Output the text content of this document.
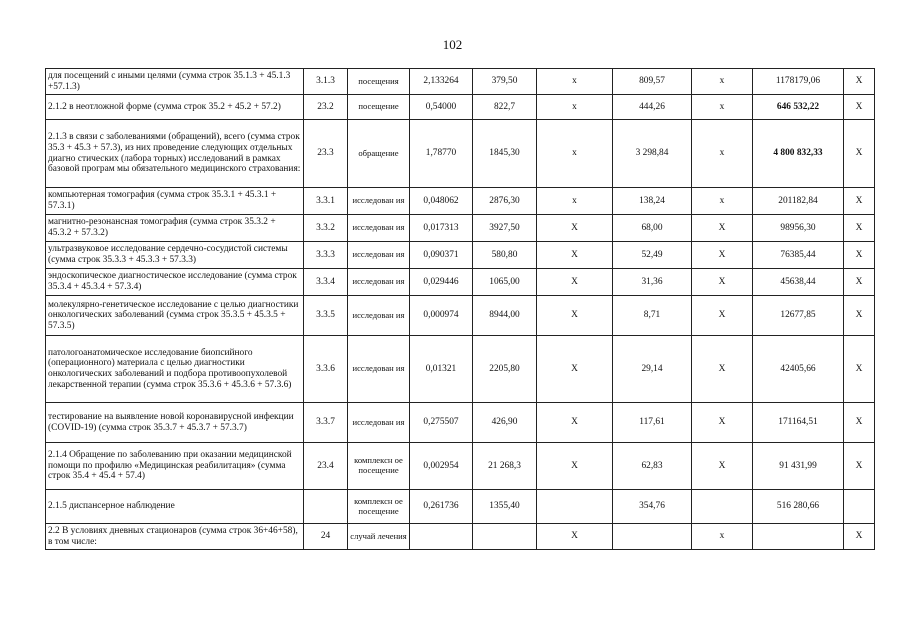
102
для посещений с иными целями (сумма строк 35.1.3 + 45.1.3 +57.1.3)	3.1.3	посещения	2,133264	379,50	х	809,57	х	1178179,06	Х
2.1.2 в неотложной форме (сумма строк 35.2 + 45.2 + 57.2)	23.2	посещение	0,54000	822,7	х	444,26	х	646 532,22	Х
2.1.3 в связи с заболеваниями (обращений), всего (сумма строк 35.3 + 45.3 + 57.3), из них проведение следующих отдельных диагно стических (лабора торных) исследований в рамках базовой програм мы обязательного медицинского страхования:	23.3	обращение	1,78770	1845,30	х	3 298,84	х	4 800 832,33	Х
компьютерная томография (сумма строк 35.3.1 + 45.3.1 + 57.3.1)	3.3.1	исследован ия	0,048062	2876,30	х	138,24	х	201182,84	Х
магнитно-резонансная томография (сумма строк 35.3.2 + 45.3.2 + 57.3.2)	3.3.2	исследован ия	0,017313	3927,50	Х	68,00	Х	98956,30	Х
ультразвуковое исследование сердечно-сосудистой системы (сумма строк 35.3.3 + 45.3.3 + 57.3.3)	3.3.3	исследован ия	0,090371	580,80	Х	52,49	Х	76385,44	Х
эндоскопическое диагностическое исследование (сумма строк 35.3.4 + 45.3.4 + 57.3.4)	3.3.4	исследован ия	0,029446	1065,00	Х	31,36	Х	45638,44	Х
молекулярно-генетическое исследование с целью диагностики онкологических заболеваний (сумма строк 35.3.5 + 45.3.5 + 57.3.5)	3.3.5	исследован ия	0,000974	8944,00	Х	8,71	Х	12677,85	Х
патологоанатомическое исследование биопсийного (операционного) материала с целью диагностики онкологических заболеваний и подбора противоопухолевой лекарственной терапии (сумма строк 35.3.6 + 45.3.6 + 57.3.6)	3.3.6	исследован ия	0,01321	2205,80	Х	29,14	Х	42405,66	Х
тестирование на выявление новой коронавирусной инфекции (COVID-19) (сумма строк 35.3.7 + 45.3.7 + 57.3.7)	3.3.7	исследован ия	0,275507	426,90	Х	117,61	Х	171164,51	Х
2.1.4 Обращение по заболеванию при оказании медицинской помощи по профилю «Медицинская реабилитация» (сумма строк 35.4 + 45.4 + 57.4)	23.4	комплексн ое посещение	0,002954	21 268,3	Х	62,83	Х	91 431,99	Х
2.1.5 диспансерное наблюдение		комплексн ое посещение	0,261736	1355,40		354,76		516 280,66	
2.2 В условиях дневных стационаров (сумма строк 36+46+58), в том числе:	24	случай лечения			Х		х		Х
